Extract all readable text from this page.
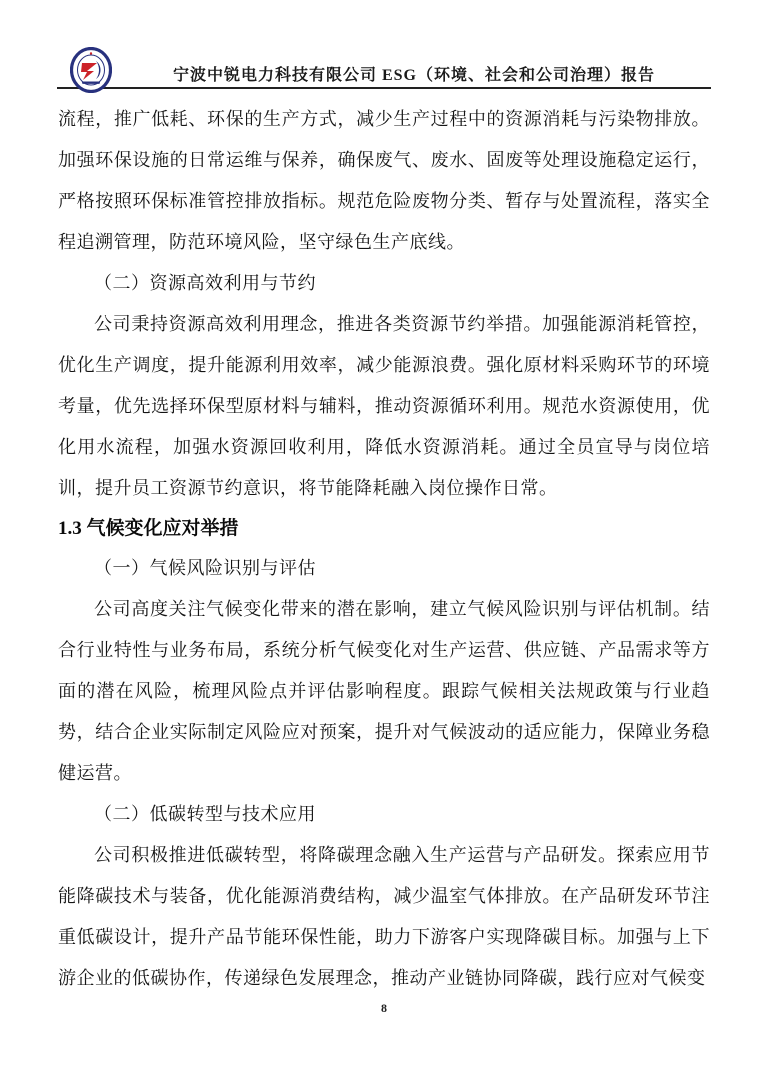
宁波中锐电力科技有限公司 ESG（环境、社会和公司治理）报告

流程，推广低耗、环保的生产方式，减少生产过程中的资源消耗与污染物排放。加强环保设施的日常运维与保养，确保废气、废水、固废等处理设施稳定运行，严格按照环保标准管控排放指标。规范危险废物分类、暂存与处置流程，落实全程追溯管理，防范环境风险，坚守绿色生产底线。

（二）资源高效利用与节约

公司秉持资源高效利用理念，推进各类资源节约举措。加强能源消耗管控，优化生产调度，提升能源利用效率，减少能源浪费。强化原材料采购环节的环境考量，优先选择环保型原材料与辅料，推动资源循环利用。规范水资源使用，优化用水流程，加强水资源回收利用，降低水资源消耗。通过全员宣导与岗位培训，提升员工资源节约意识，将节能降耗融入岗位操作日常。

1.3 气候变化应对举措

（一）气候风险识别与评估

公司高度关注气候变化带来的潜在影响，建立气候风险识别与评估机制。结合行业特性与业务布局，系统分析气候变化对生产运营、供应链、产品需求等方面的潜在风险，梳理风险点并评估影响程度。跟踪气候相关法规政策与行业趋势，结合企业实际制定风险应对预案，提升对气候波动的适应能力，保障业务稳健运营。

（二）低碳转型与技术应用

公司积极推进低碳转型，将降碳理念融入生产运营与产品研发。探索应用节能降碳技术与装备，优化能源消费结构，减少温室气体排放。在产品研发环节注重低碳设计，提升产品节能环保性能，助力下游客户实现降碳目标。加强与上下游企业的低碳协作，传递绿色发展理念，推动产业链协同降碳，践行应对气候变

8
